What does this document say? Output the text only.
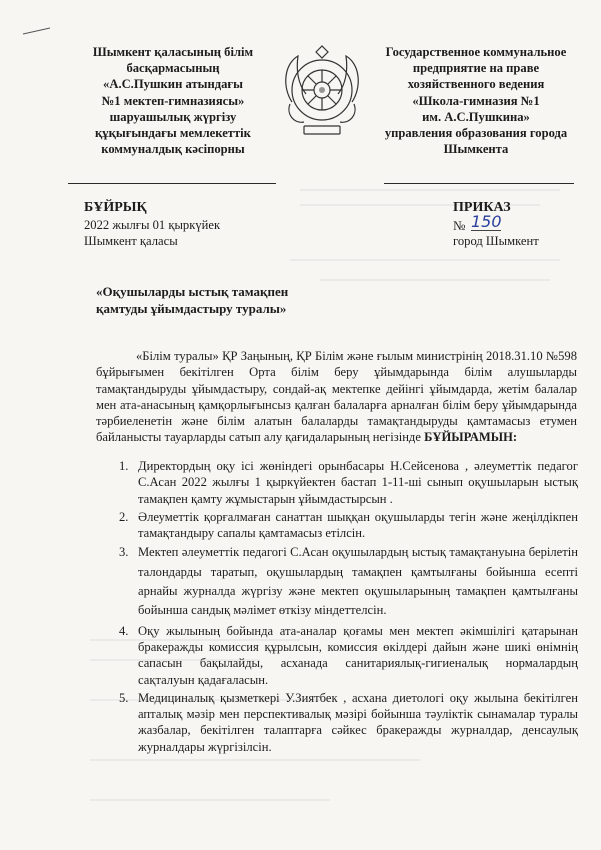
Шымкент қаласының білім
басқармасының
«А.С.Пушкин атындағы
№1 мектеп-гимназиясы»
шаруашылық жүргізу
құқығындағы мемлекеттік
коммуналдық кәсіпорны
Государственное коммунальное
предприятие на праве
хозяйственного ведения
«Школа-гимназия №1
им. А.С.Пушкина»
управления образования города
Шымкента
БҰЙРЫҚ
2022 жылғы 01 қыркүйек
Шымкент қаласы
ПРИКАЗ
№ 150
город Шымкент
«Оқушыларды ыстық тамақпен
қамтуды ұйымдастыру туралы»

«Білім туралы» ҚР Заңының, ҚР Білім және ғылым министрінің 2018.31.10 №598 бұйрығымен бекітілген Орта білім беру ұйымдарында білім алушыларды тамақтандыруды ұйымдастыру, сондай-ақ мектепке дейінгі ұйымдарда, жетім балалар мен ата-анасының қамқорлығынсыз қалған балаларға арналған білім беру ұйымдарында тәрбиеленетін және білім алатын балаларды тамақтандыруды қамтамасыз етумен байланысты тауарларды сатып алу қағидаларының негізінде БҰЙЫРАМЫН:

1. Директордың оқу ісі жөніндегі орынбасары Н.Сейсенова , әлеуметтік педагог С.Асан 2022 жылғы 1 қыркүйектен бастап 1-11-ші сынып оқушыларын ыстық тамақпен қамту жұмыстарын ұйымдастырсын .
2. Әлеуметтік қорғалмаған санаттан шыққан оқушыларды тегін және жеңілдікпен тамақтандыру сапалы қамтамасыз етілсін.
3. Мектеп әлеуметтік педагогі С.Асан оқушылардың ыстық тамақтануына берілетін талондарды таратып, оқушылардың тамақпен қамтылғаны бойынша есепті арнайы журналда жүргізу және мектеп оқушыларының тамақпен қамтылғаны бойынша сандық мәлімет өткізу міндеттелсін.
4. Оқу жылының бойында ата-аналар қоғамы мен мектеп әкімшілігі қатарынан бракеражды комиссия құрылсын, комиссия өкілдері дайын және шикі өнімнің сапасын бақылайды, асханада санитариялық-гигиеналық нормалардың сақталуын қадағаласын.
5. Медициналық қызметкері У.Зиятбек , асхана диетологі оқу жылына бекітілген апталық мәзір мен перспективалық мәзірі бойынша тәуліктік сынамалар туралы жазбалар, бекітілген талаптарға сәйкес бракеражды журналдар, денсаулық журналдары жүргізілсін.
